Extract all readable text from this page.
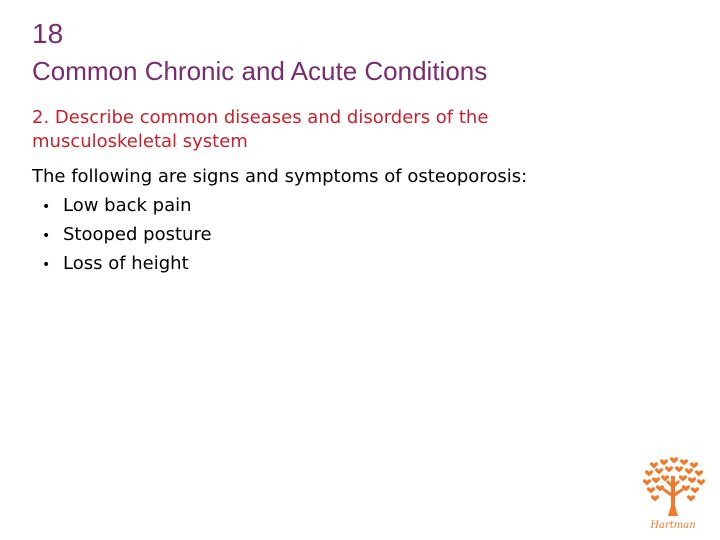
18
Common Chronic and Acute Conditions
2. Describe common diseases and disorders of the musculoskeletal system
The following are signs and symptoms of osteoporosis:
• Low back pain
• Stooped posture
• Loss of height
Hartman
